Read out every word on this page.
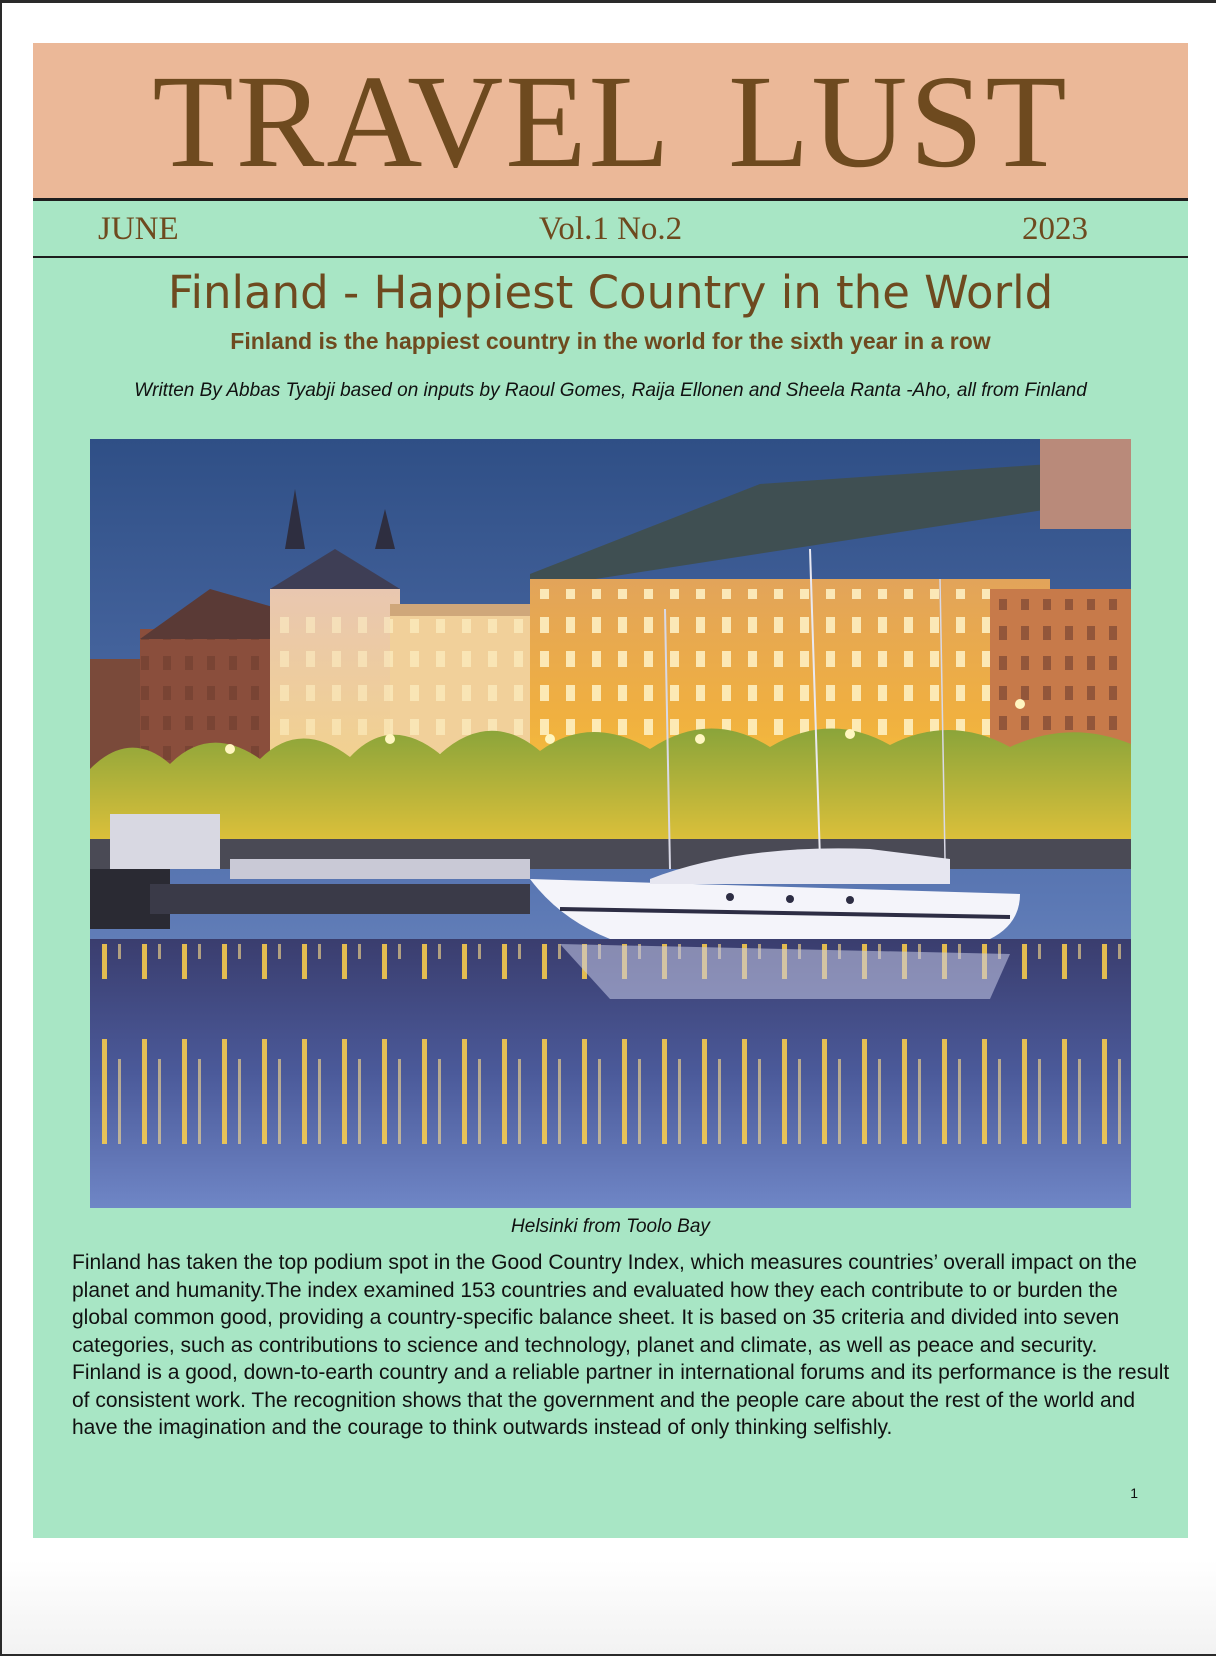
TRAVEL LUST
JUNE	Vol.1 No.2	2023
Finland - Happiest Country in the World
Finland is the happiest country in the world for the sixth year in a row
Written By Abbas Tyabji based on inputs by Raoul Gomes, Raija Ellonen and Sheela Ranta -Aho, all from Finland
Helsinki from Toolo Bay

Finland has taken the top podium spot in the Good Country Index, which measures countries’ overall impact on the planet and humanity.The index examined 153 countries and evaluated how they each contribute to or burden the global common good, providing a country-specific balance sheet. It is based on 35 criteria and divided into seven categories, such as contributions to science and technology, planet and climate, as well as peace and security. Finland is a good, down-to-earth country and a reliable partner in international forums and its performance is the result of consistent work. The recognition shows that the government and the people care about the rest of the world and have the imagination and the courage to think outwards instead of only thinking selfishly.

1
